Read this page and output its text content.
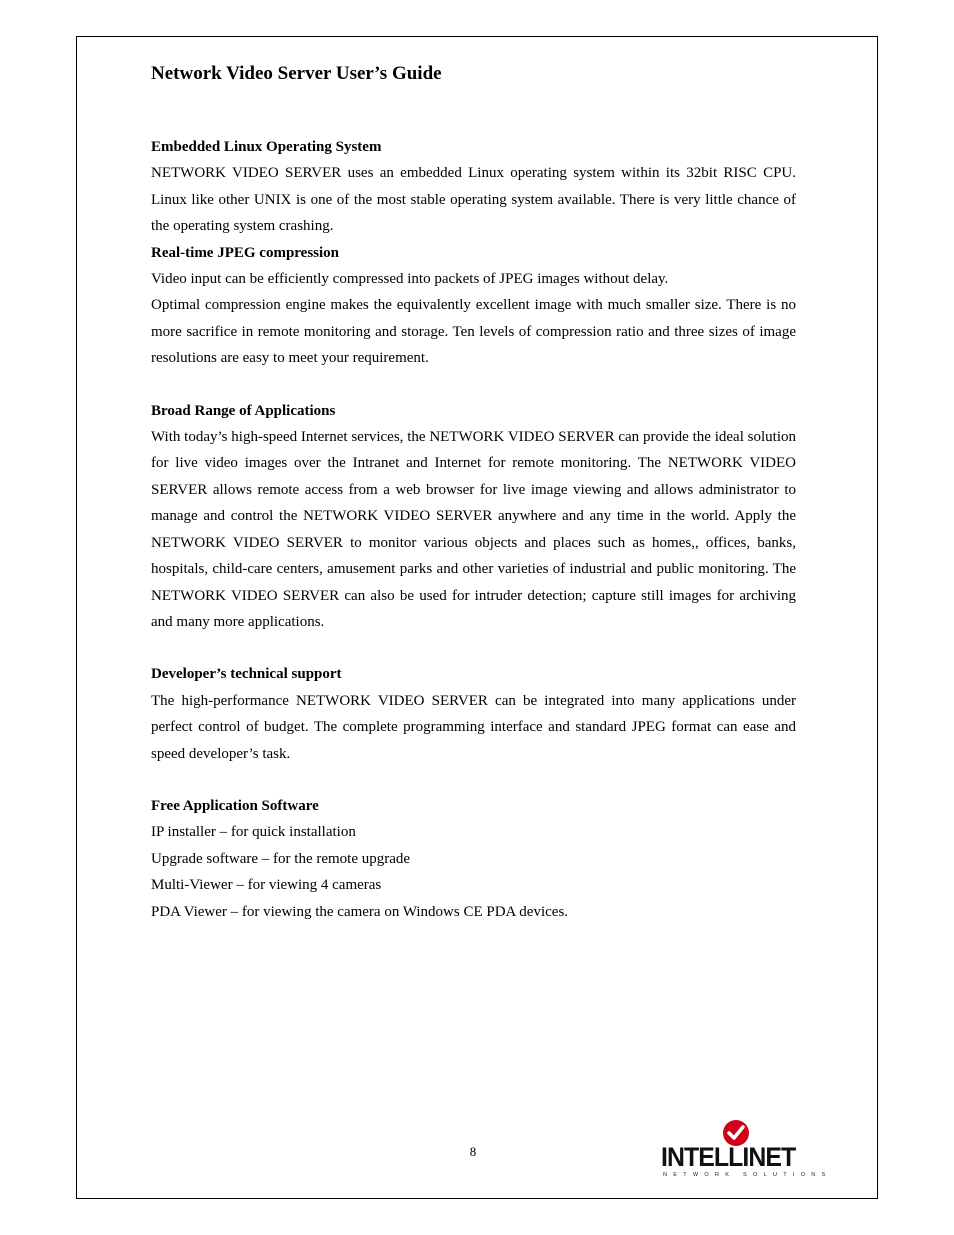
Network Video Server User’s Guide
Embedded Linux Operating System

NETWORK VIDEO SERVER uses an embedded Linux operating system within its 32bit RISC CPU. Linux like other UNIX is one of the most stable operating system available. There is very little chance of the operating system crashing.

Real-time JPEG compression

Video input can be efficiently compressed into packets of JPEG images without delay.

Optimal compression engine makes the equivalently excellent image with much smaller size. There is no more sacrifice in remote monitoring and storage. Ten levels of compression ratio and three sizes of image resolutions are easy to meet your requirement.

Broad Range of Applications

With today’s high-speed Internet services, the NETWORK VIDEO SERVER can provide the ideal solution for live video images over the Intranet and Internet for remote monitoring. The NETWORK VIDEO SERVER allows remote access from a web browser for live image viewing and allows administrator to manage and control the NETWORK VIDEO SERVER anywhere and any time in the world. Apply the NETWORK VIDEO SERVER to monitor various objects and places such as homes,, offices, banks, hospitals, child-care centers, amusement parks and other varieties of industrial and public monitoring. The NETWORK VIDEO SERVER can also be used for intruder detection; capture still images for archiving and many more applications.

Developer’s technical support

The high-performance NETWORK VIDEO SERVER can be integrated into many applications under perfect control of budget. The complete programming interface and standard JPEG format can ease and speed developer’s task.

Free Application Software

IP installer – for quick installation

Upgrade software – for the remote upgrade

Multi-Viewer – for viewing 4 cameras

PDA Viewer – for viewing the camera on Windows CE PDA devices.

8	INTELLINET
NETWORK SOLUTIONS
